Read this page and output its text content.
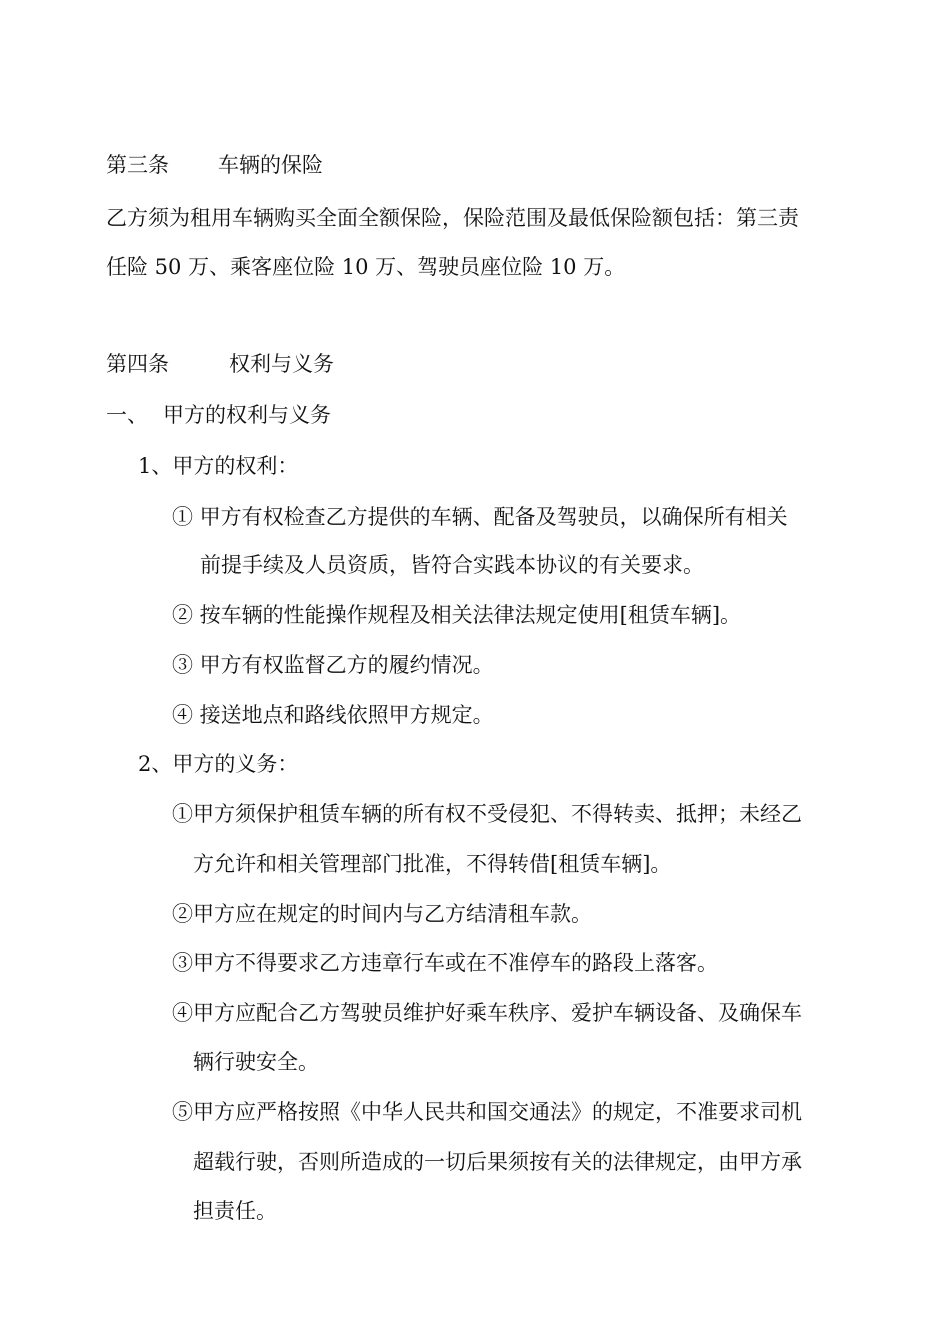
第三条 车辆的保险
乙方须为租用车辆购买全面全额保险，保险范围及最低保险额包括：第三责
任险 50 万、乘客座位险 10 万、驾驶员座位险 10 万。
第四条	权利与义务
一、 甲方的权利与义务
1、甲方的权利：
① 甲方有权检查乙方提供的车辆、配备及驾驶员，以确保所有相关
前提手续及人员资质，皆符合实践本协议的有关要求。
② 按车辆的性能操作规程及相关法律法规定使用[租赁车辆]。
③ 甲方有权监督乙方的履约情况。
④ 接送地点和路线依照甲方规定。
2、甲方的义务：
①甲方须保护租赁车辆的所有权不受侵犯、不得转卖、抵押；未经乙
方允许和相关管理部门批准，不得转借[租赁车辆]。
②甲方应在规定的时间内与乙方结清租车款。
③甲方不得要求乙方违章行车或在不准停车的路段上落客。
④甲方应配合乙方驾驶员维护好乘车秩序、爱护车辆设备、及确保车
辆行驶安全。
⑤甲方应严格按照《中华人民共和国交通法》的规定，不准要求司机
超载行驶，否则所造成的一切后果须按有关的法律规定，由甲方承
担责任。
